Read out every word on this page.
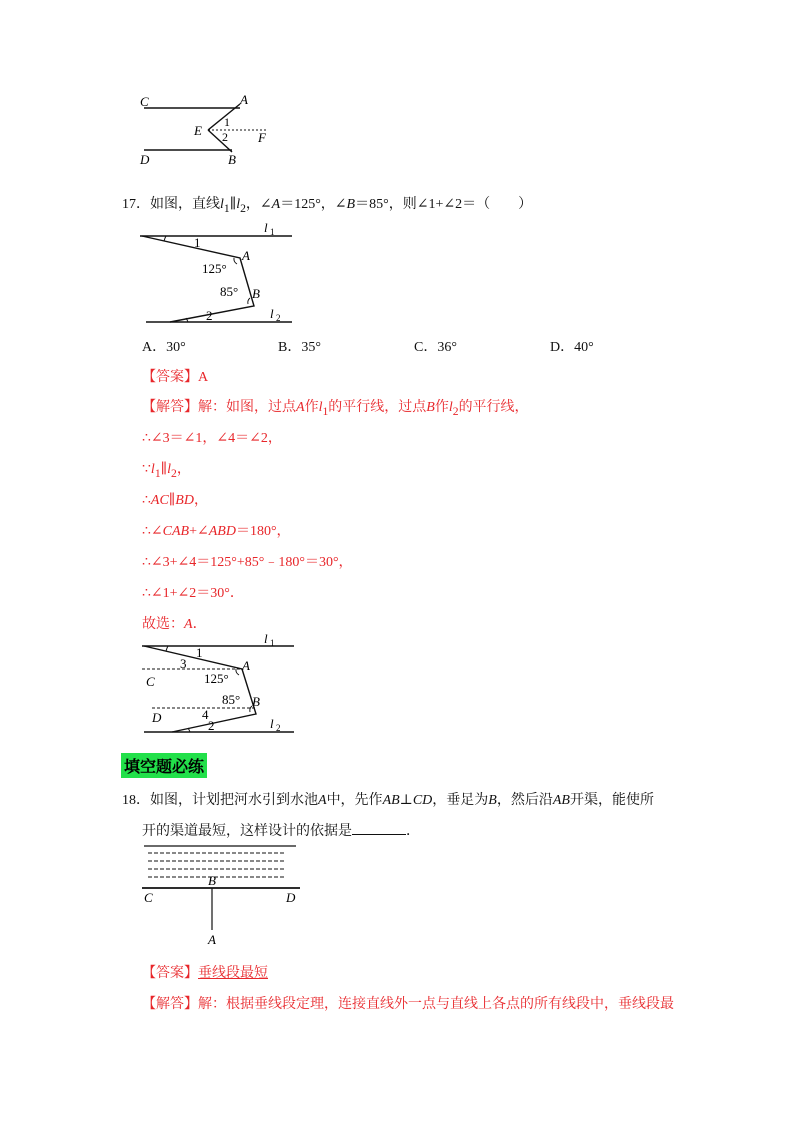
C	A
E
1
2 F
D	B
17．如图，直线$l_1\parallel l_2$，∠A＝125°，∠B＝85°，则∠1+∠2＝（　　）
l 1
1
125°
A
85° B
2	l 2
A．30°	B．35°	C．36°	D．40°
【答案】A
【解答】解：如图，过点A作$l_1$的平行线，过点B作$l_2$的平行线，
∴∠3＝∠1，∠4＝∠2，
$\because l_1\parallel l_2$，
∴AC∥BD，
∴∠CAB+∠ABD＝180°，
∴∠3+∠4＝125°+85°﹣180°＝30°，
∴∠1+∠2＝30°．
故选：A．
l 1
1
3
C
A
125°
85° B
D	4
2	l 2
填空题必练
18．如图，计划把河水引到水池A中，先作AB⊥CD，垂足为B，然后沿AB开渠，能使所
开的渠道最短，这样设计的依据是	．
B
C	D
A
【答案】垂线段最短
【解答】解：根据垂线段定理，连接直线外一点与直线上各点的所有线段中，垂线段最
